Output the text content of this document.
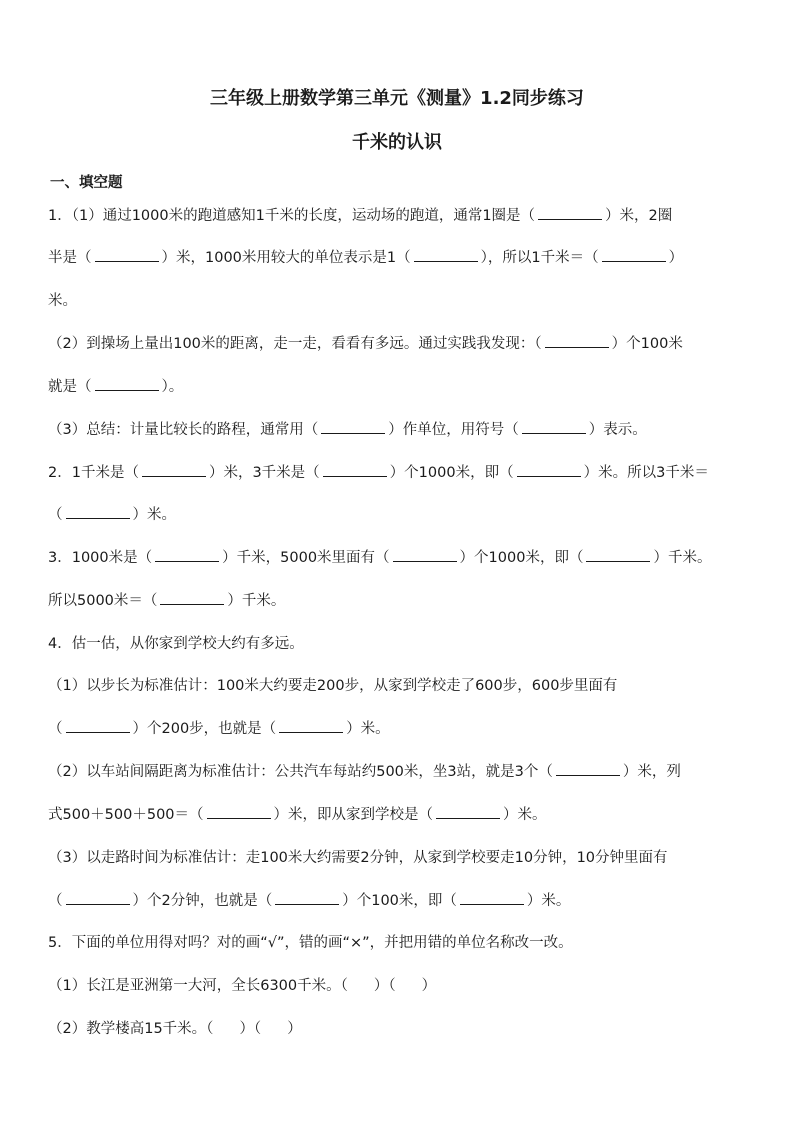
三年级上册数学第三单元《测量》1.2同步练习
千米的认识
一、填空题
1．（1）通过1000米的跑道感知1千米的长度，运动场的跑道，通常1圈是（	）米，2圈
半是（	）米，1000米用较大的单位表示是1（	），所以1千米＝（	）
米。
（2）到操场上量出100米的距离，走一走，看看有多远。通过实践我发现：（	）个100米
就是（	）。
（3）总结：计量比较长的路程，通常用（	）作单位，用符号（	）表示。
2．1千米是（	）米，3千米是（	）个1000米，即（	）米。所以3千米＝
（	）米。
3．1000米是（	）千米，5000米里面有（	）个1000米，即（	）千米。
所以5000米＝（	）千米。
4．估一估，从你家到学校大约有多远。
（1）以步长为标准估计：100米大约要走200步，从家到学校走了600步，600步里面有
（	）个200步，也就是（	）米。
（2）以车站间隔距离为标准估计：公共汽车每站约500米，坐3站，就是3个（	）米，列
式500＋500＋500＝（	）米，即从家到学校是（	）米。
（3）以走路时间为标准估计：走100米大约需要2分钟，从家到学校要走10分钟，10分钟里面有
（	）个2分钟，也就是（	）个100米，即（	）米。
5．下面的单位用得对吗？对的画“√”，错的画“×”，并把用错的单位名称改一改。
（1）长江是亚洲第一大河，全长6300千米。（ ）（ ）
（2）教学楼高15千米。（ ）（ ）
